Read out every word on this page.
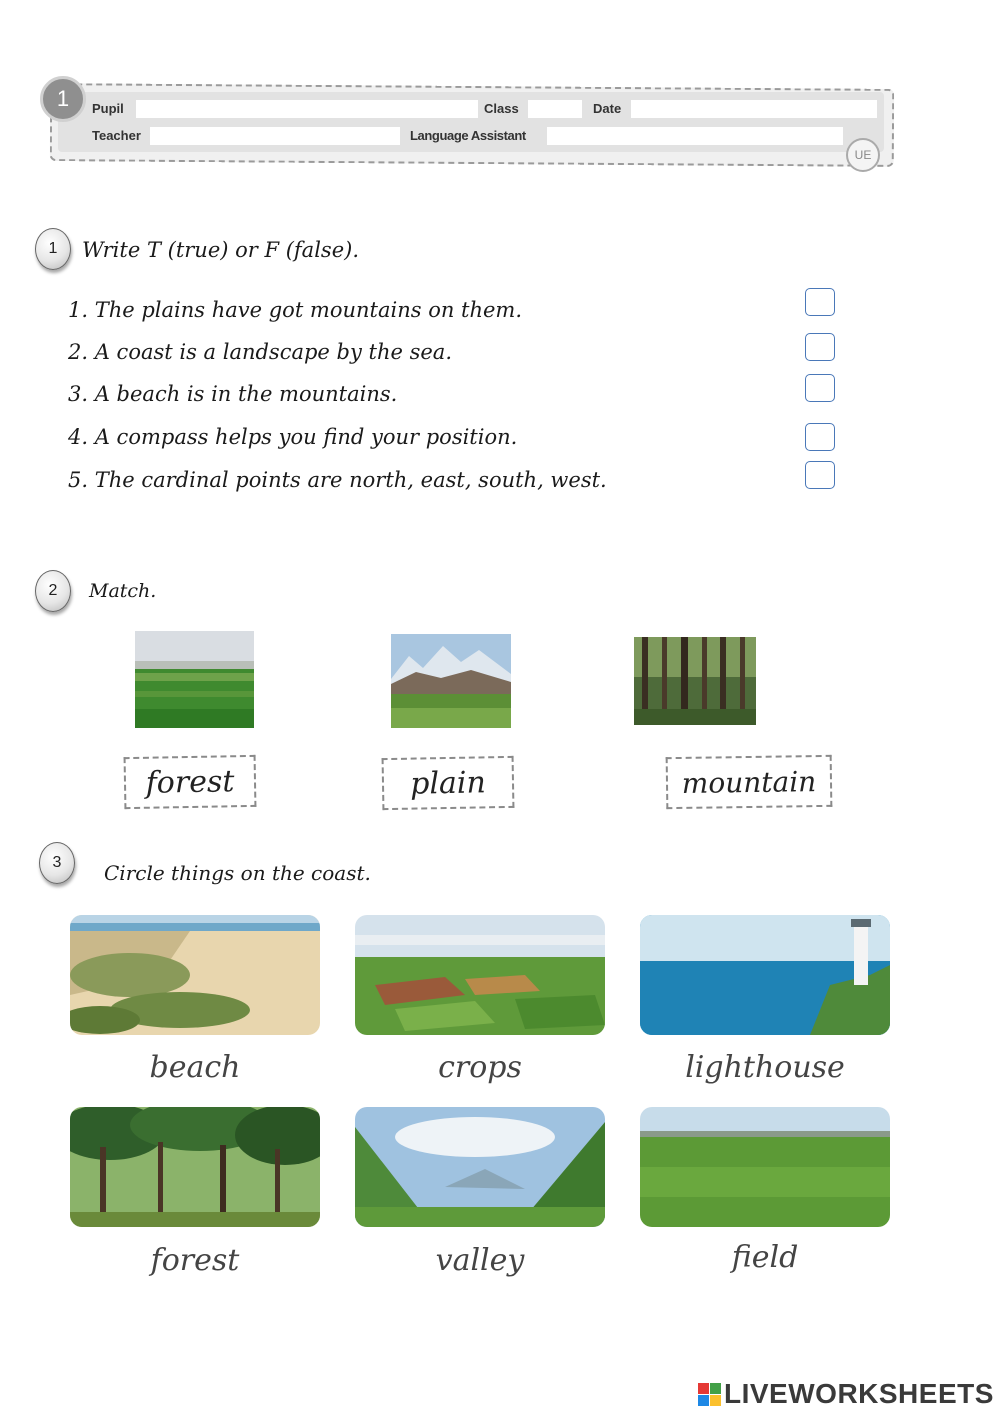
1	Pupil	Class	Date
Teacher	Language Assistant
UE
1	Write T (true) or F (false).
1. The plains have got mountains on them.
2. A coast is a landscape by the sea.
3. A beach is in the mountains.
4. A compass helps you find your position.
5. The cardinal points are north, east, south, west.
2	Match.
forest	plain	mountain
3	Circle things on the coast.
beach	crops	lighthouse
forest	valley	field
LIVEWORKSHEETS
